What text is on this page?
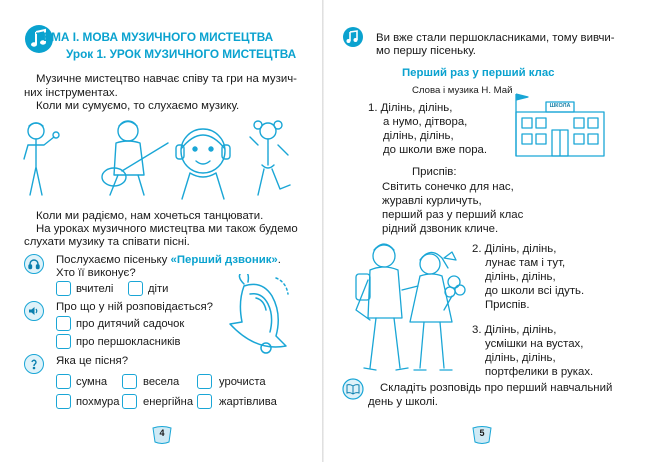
ТЕМА І. МОВА МУЗИЧНОГО МИСТЕЦТВА
Урок 1. УРОК МУЗИЧНОГО МИСТЕЦТВА
Музичне мистецтво навчає співу та гри на музич-
них інструментах.
Коли ми сумуємо, то слухаємо музику.
Коли ми радіємо, нам хочеться танцювати.
На уроках музичного мистецтва ми також будемо
слухати музику та співати пісні.
Послухаємо пісеньку «Перший дзвоник».
Хто її виконує?
вчителі	діти
Про що у ній розповідається?
про дитячий садочок
про першокласників
Яка це пісня?
сумна	весела	урочиста
похмура енергійна жартівлива
4
Ви вже стали першокласниками, тому вивчи-
мо першу пісеньку.
Перший раз у перший клас
Слова і музика Н. Май
1. Ділінь, ділінь,
а нумо, дітвора,
ділінь, ділінь,
до школи вже пора.
ШКОЛА
Приспів:
Світить сонечко для нас,
журавлі курличуть,
перший раз у перший клас
рідний дзвоник кличе.
2. Ділінь, ділінь,
лунає там і тут,
ділінь, ділінь,
до школи всі ідуть.
Приспів.
3. Ділінь, ділінь,
усмішки на вустах,
ділінь, ділінь,
портфелики в руках.
Складіть розповідь про перший навчальний
день у школі.
5
